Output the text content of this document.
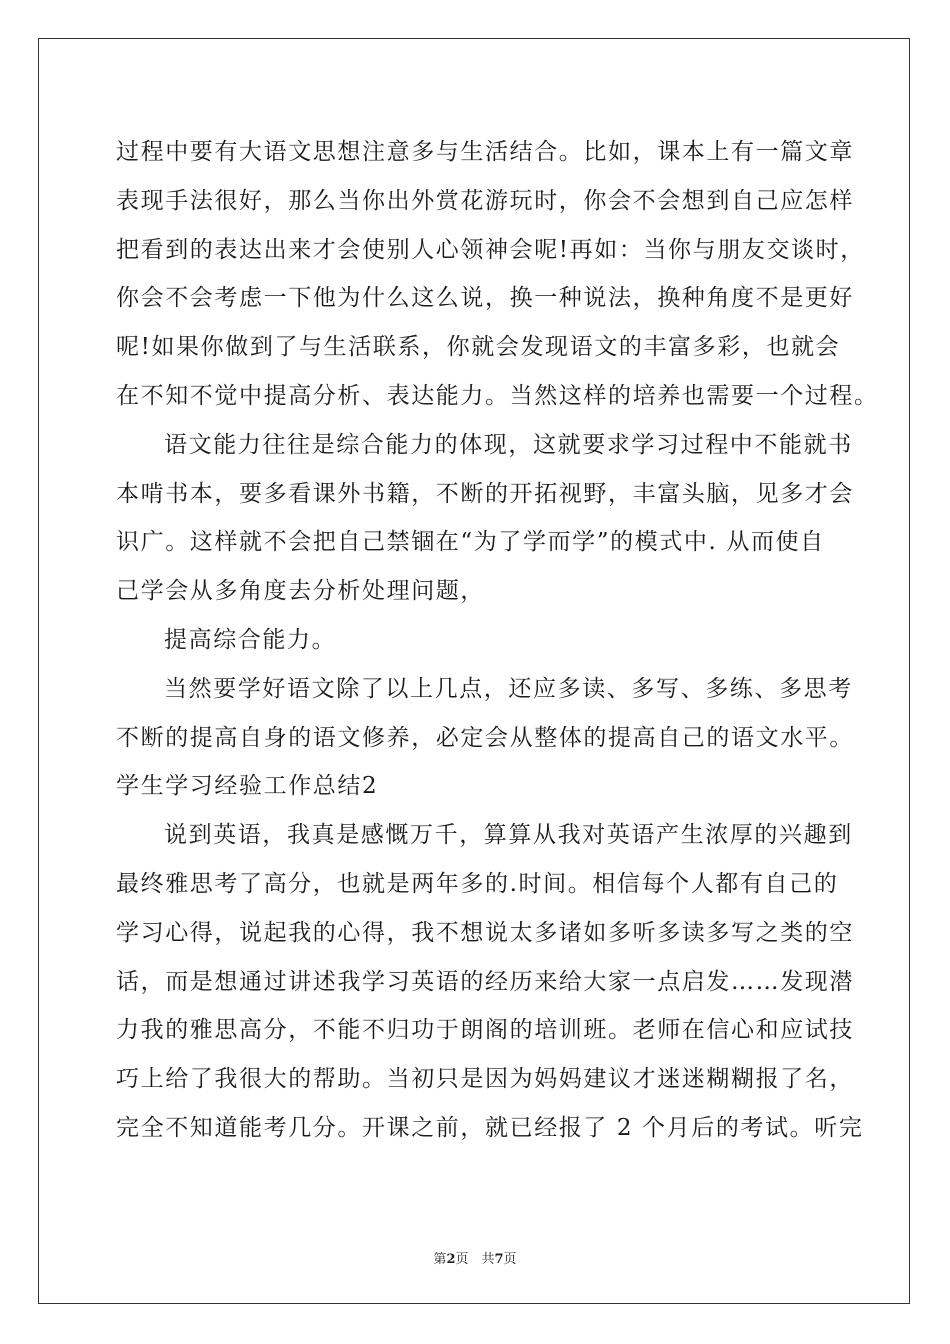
过程中要有大语文思想注意多与生活结合。比如，课本上有一篇文章
表现手法很好，那么当你出外赏花游玩时，你会不会想到自己应怎样
把看到的表达出来才会使别人心领神会呢!再如：当你与朋友交谈时，
你会不会考虑一下他为什么这么说，换一种说法，换种角度不是更好
呢!如果你做到了与生活联系，你就会发现语文的丰富多彩，也就会
在不知不觉中提高分析、表达能力。当然这样的培养也需要一个过程。
语文能力往往是综合能力的体现，这就要求学习过程中不能就书
本啃书本，要多看课外书籍，不断的开拓视野，丰富头脑，见多才会
识广。这样就不会把自己禁锢在“为了学而学”的模式中. 从而使自
己学会从多角度去分析处理问题，
提高综合能力。
当然要学好语文除了以上几点，还应多读、多写、多练、多思考
不断的提高自身的语文修养，必定会从整体的提高自己的语文水平。
学生学习经验工作总结2
说到英语，我真是感慨万千，算算从我对英语产生浓厚的兴趣到
最终雅思考了高分，也就是两年多的.时间。相信每个人都有自己的
学习心得，说起我的心得，我不想说太多诸如多听多读多写之类的空
话，而是想通过讲述我学习英语的经历来给大家一点启发……发现潜
力我的雅思高分，不能不归功于朗阁的培训班。老师在信心和应试技
巧上给了我很大的帮助。当初只是因为妈妈建议才迷迷糊糊报了名，
完全不知道能考几分。开课之前，就已经报了 2 个月后的考试。听完
第2页　共7页
